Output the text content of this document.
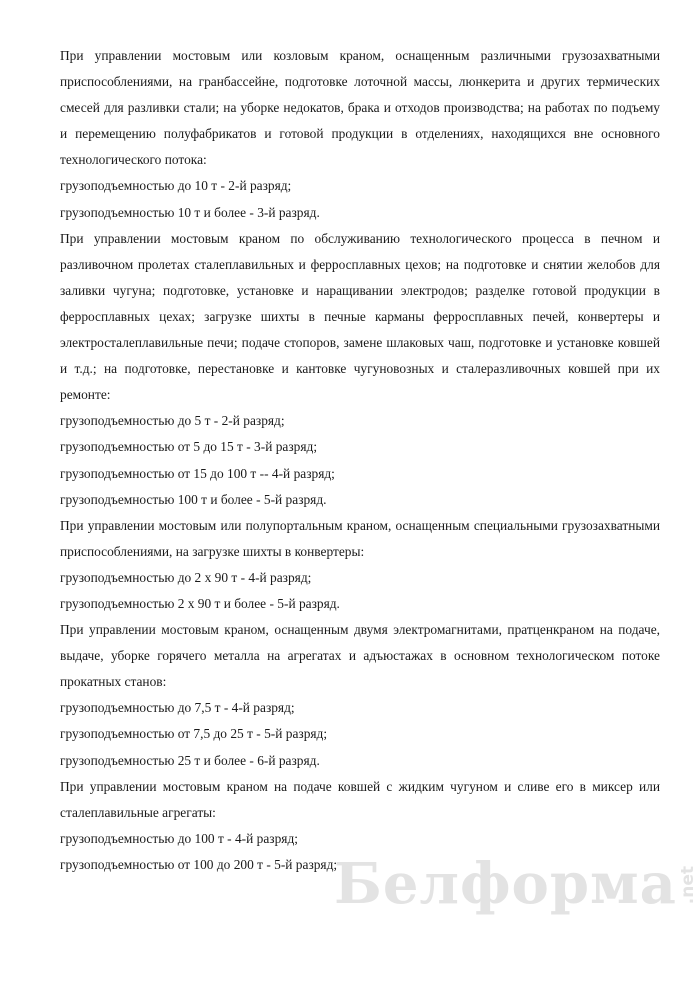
При управлении мостовым или козловым краном, оснащенным различными грузозахватными приспособлениями, на гранбассейне, подготовке лоточной массы, люнкерита и других термических смесей для разливки стали; на уборке недокатов, брака и отходов производства; на работах по подъему и перемещению полуфабрикатов и готовой продукции в отделениях, находящихся вне основного технологического потока:

грузоподъемностью до 10 т - 2-й разряд;

грузоподъемностью 10 т и более - 3-й разряд.

При управлении мостовым краном по обслуживанию технологического процесса в печном и разливочном пролетах сталеплавильных и ферросплавных цехов; на подготовке и снятии желобов для заливки чугуна; подготовке, установке и наращивании электродов; разделке готовой продукции в ферросплавных цехах; загрузке шихты в печные карманы ферросплавных печей, конвертеры и электросталеплавильные печи; подаче стопоров, замене шлаковых чаш, подготовке и установке ковшей и т.д.; на подготовке, перестановке и кантовке чугуновозных и сталеразливочных ковшей при их ремонте:

грузоподъемностью до 5 т - 2-й разряд;

грузоподъемностью от 5 до 15 т - 3-й разряд;

грузоподъемностью от 15 до 100 т -- 4-й разряд;

грузоподъемностью 100 т и более - 5-й разряд.

При управлении мостовым или полупортальным краном, оснащенным специальными грузозахватными приспособлениями, на загрузке шихты в конвертеры:

грузоподъемностью до 2 х 90 т - 4-й разряд;

грузоподъемностью 2 х 90 т и более - 5-й разряд.

При управлении мостовым краном, оснащенным двумя электромагнитами, пратценкраном на подаче, выдаче, уборке горячего металла на агрегатах и адъюстажах в основном технологическом потоке прокатных станов:

грузоподъемностью до 7,5 т - 4-й разряд;

грузоподъемностью от 7,5 до 25 т - 5-й разряд;

грузоподъемностью 25 т и более - 6-й разряд.

При управлении мостовым краном на подаче ковшей с жидким чугуном и сливе его в миксер или сталеплавильные агрегаты:

грузоподъемностью до 100 т - 4-й разряд;

грузоподъемностью от 100 до 200 т - 5-й разряд;

Белформа .net
